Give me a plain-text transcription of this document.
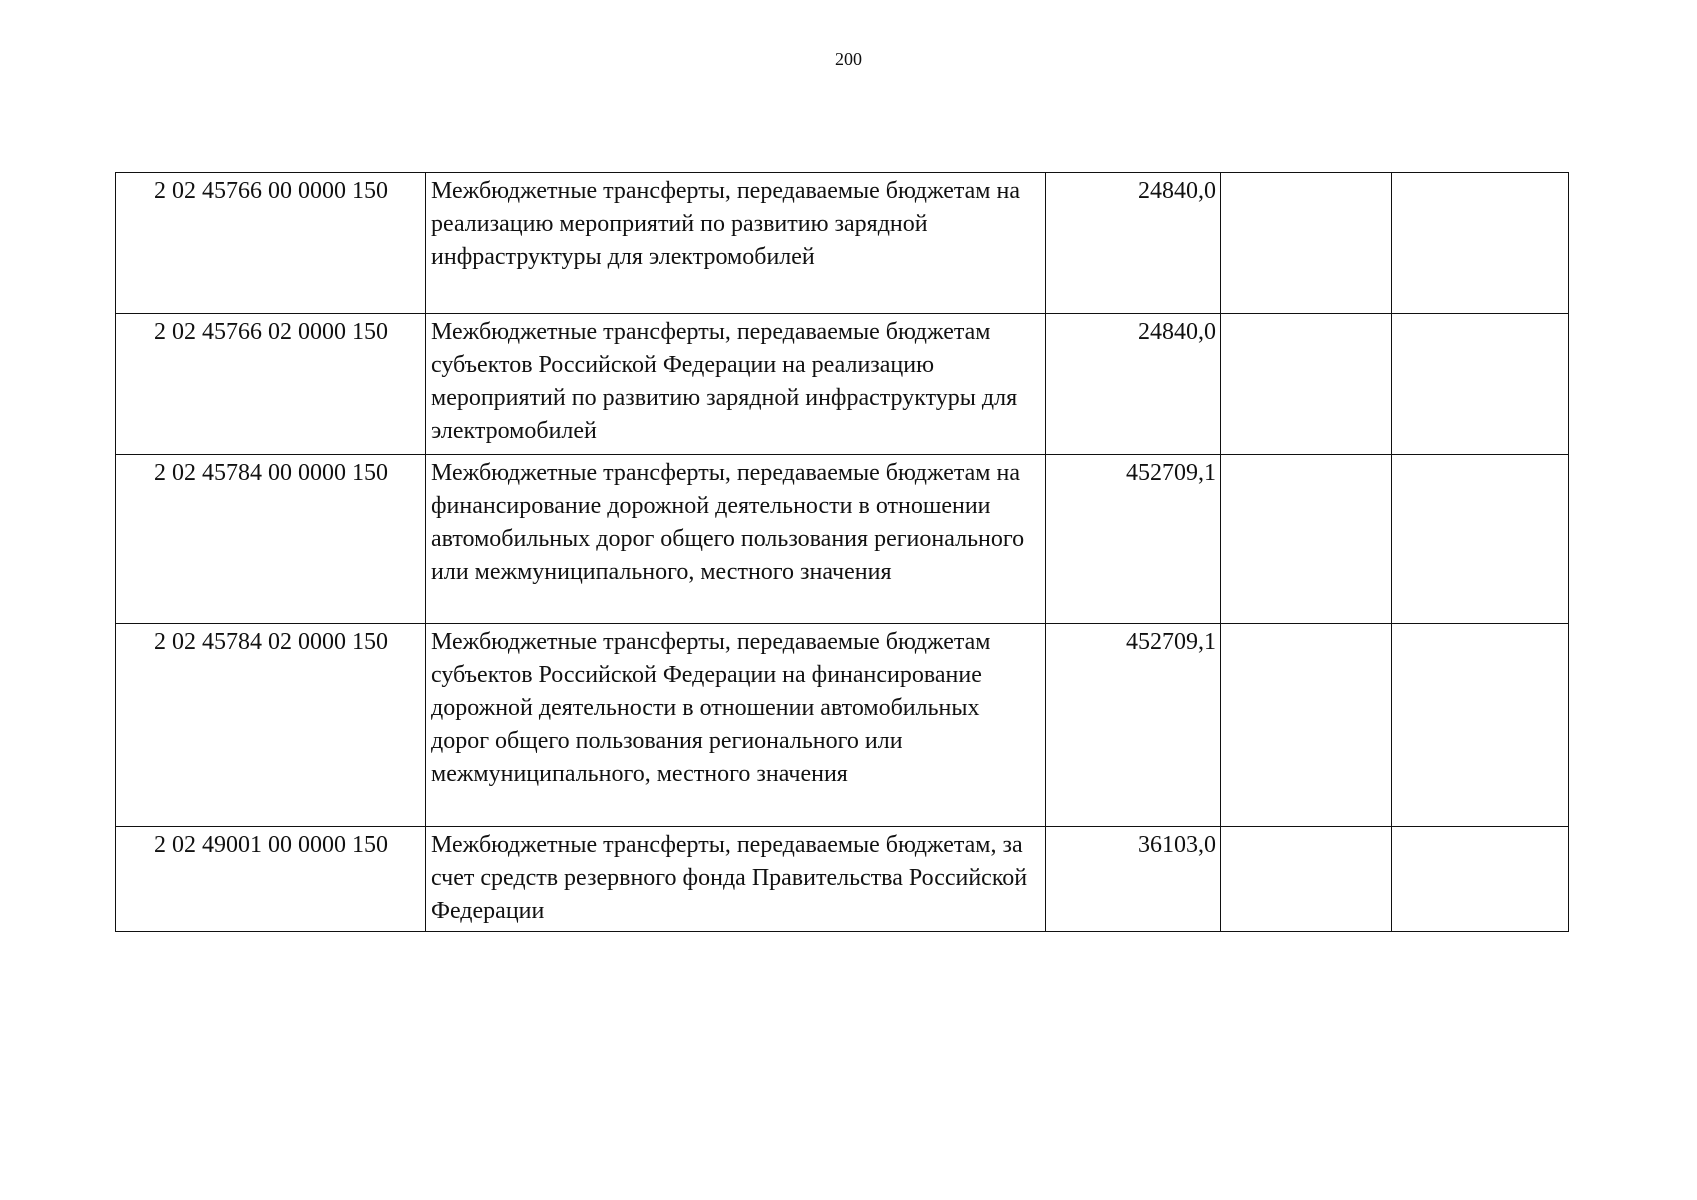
200
2 02 45766 00 0000 150	Межбюджетные трансферты, передаваемые бюджетам на реализацию мероприятий по развитию зарядной инфраструктуры для электромобилей	24840,0		
2 02 45766 02 0000 150	Межбюджетные трансферты, передаваемые бюджетам субъектов Российской Федерации на реализацию мероприятий по развитию зарядной инфраструктуры для электромобилей	24840,0		
2 02 45784 00 0000 150	Межбюджетные трансферты, передаваемые бюджетам на финансирование дорожной деятельности в отношении автомобильных дорог общего пользования регионального или межмуниципального, местного значения	452709,1		
2 02 45784 02 0000 150	Межбюджетные трансферты, передаваемые бюджетам субъектов Российской Федерации на финансирование дорожной деятельности в отношении автомобильных дорог общего пользования регионального или межмуниципального, местного значения	452709,1		
2 02 49001 00 0000 150	Межбюджетные трансферты, передаваемые бюджетам, за счет средств резервного фонда Правительства Российской Федерации	36103,0		
